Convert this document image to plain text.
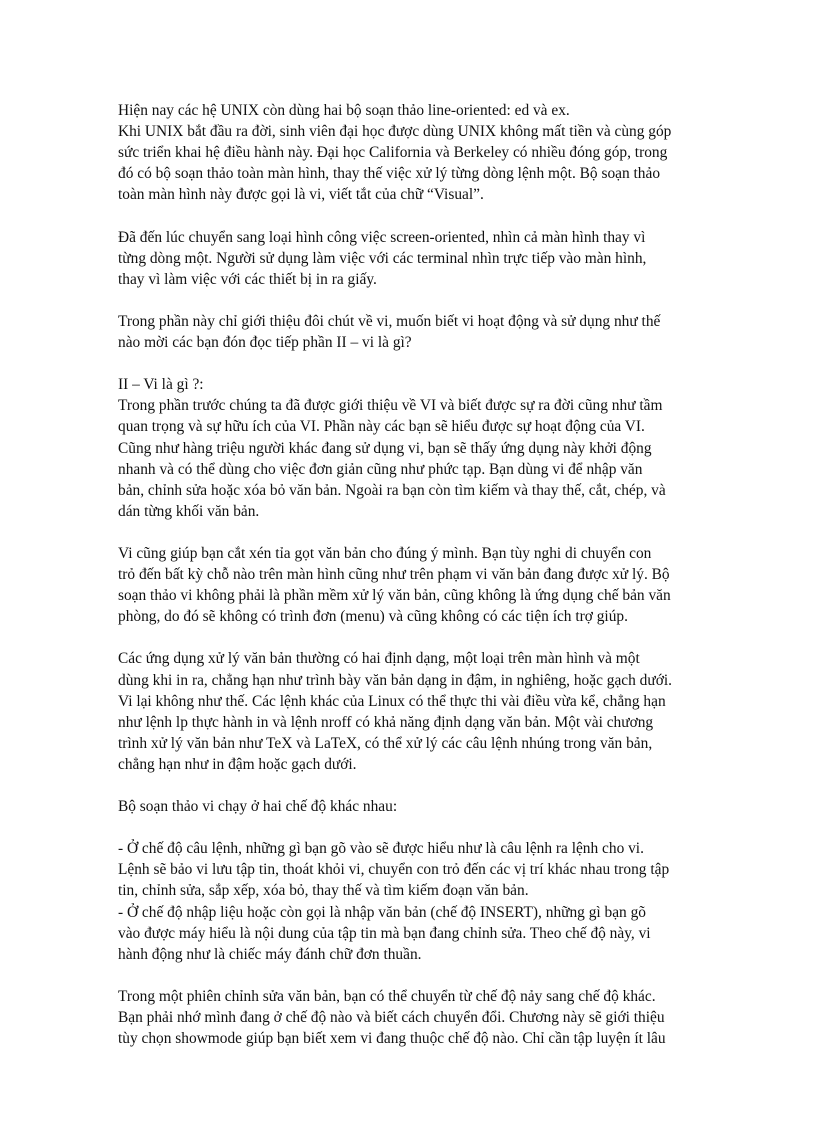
Hiện nay các hệ UNIX còn dùng hai bộ soạn thảo line-oriented: ed và ex.
Khi UNIX bắt đầu ra đời, sinh viên đại học được dùng UNIX không mất tiền và cùng góp
sức triển khai hệ điều hành này. Đại học California và Berkeley có nhiều đóng góp, trong
đó có bộ soạn thảo toàn màn hình, thay thế việc xử lý từng dòng lệnh một. Bộ soạn thảo
toàn màn hình này được gọi là vi, viết tắt của chữ “Visual”.

Đã đến lúc chuyển sang loại hình công việc screen-oriented, nhìn cả màn hình thay vì
từng dòng một. Người sử dụng làm việc với các terminal nhìn trực tiếp vào màn hình,
thay vì làm việc với các thiết bị in ra giấy.

Trong phần này chỉ giới thiệu đôi chút về vi, muốn biết vi hoạt động và sử dụng như thế
nào mời các bạn đón đọc tiếp phần II – vi là gì?

II – Vi là gì ?:
Trong phần trước chúng ta đã được giới thiệu về VI và biết được sự ra đời cũng như tầm
quan trọng và sự hữu ích của VI. Phần này các bạn sẽ hiểu được sự hoạt động của VI.
Cũng như hàng triệu người khác đang sử dụng vi, bạn sẽ thấy ứng dụng này khởi động
nhanh và có thể dùng cho việc đơn giản cũng như phức tạp. Bạn dùng vi để nhập văn
bản, chỉnh sửa hoặc xóa bỏ văn bản. Ngoài ra bạn còn tìm kiếm và thay thế, cắt, chép, và
dán từng khối văn bản.

Vi cũng giúp bạn cắt xén tỉa gọt văn bản cho đúng ý mình. Bạn tùy nghi di chuyển con
trỏ đến bất kỳ chỗ nào trên màn hình cũng như trên phạm vi văn bản đang được xử lý. Bộ
soạn thảo vi không phải là phần mềm xử lý văn bản, cũng không là ứng dụng chế bản văn
phòng, do đó sẽ không có trình đơn (menu) và cũng không có các tiện ích trợ giúp.

Các ứng dụng xử lý văn bản thường có hai định dạng, một loại trên màn hình và một
dùng khi in ra, chẳng hạn như trình bày văn bản dạng in đậm, in nghiêng, hoặc gạch dưới.
Vi lại không như thế. Các lệnh khác của Linux có thể thực thi vài điều vừa kể, chẳng hạn
như lệnh lp thực hành in và lệnh nroff có khả năng định dạng văn bản. Một vài chương
trình xử lý văn bản như TeX và LaTeX, có thể xử lý các câu lệnh nhúng trong văn bản,
chẳng hạn như in đậm hoặc gạch dưới.

Bộ soạn thảo vi chạy ở hai chế độ khác nhau:

- Ở chế độ câu lệnh, những gì bạn gõ vào sẽ được hiểu như là câu lệnh ra lệnh cho vi.
Lệnh sẽ bảo vi lưu tập tin, thoát khỏi vi, chuyển con trỏ đến các vị trí khác nhau trong tập
tin, chỉnh sửa, sắp xếp, xóa bỏ, thay thế và tìm kiếm đoạn văn bản.
- Ở chế độ nhập liệu hoặc còn gọi là nhập văn bản (chế độ INSERT), những gì bạn gõ
vào được máy hiểu là nội dung của tập tin mà bạn đang chỉnh sửa. Theo chế độ này, vi
hành động như là chiếc máy đánh chữ đơn thuần.

Trong một phiên chỉnh sửa văn bản, bạn có thể chuyển từ chế độ nảy sang chế độ khác.
Bạn phải nhớ mình đang ở chế độ nào và biết cách chuyển đổi. Chương này sẽ giới thiệu
tùy chọn showmode giúp bạn biết xem vi đang thuộc chế độ nào. Chỉ cần tập luyện ít lâu
